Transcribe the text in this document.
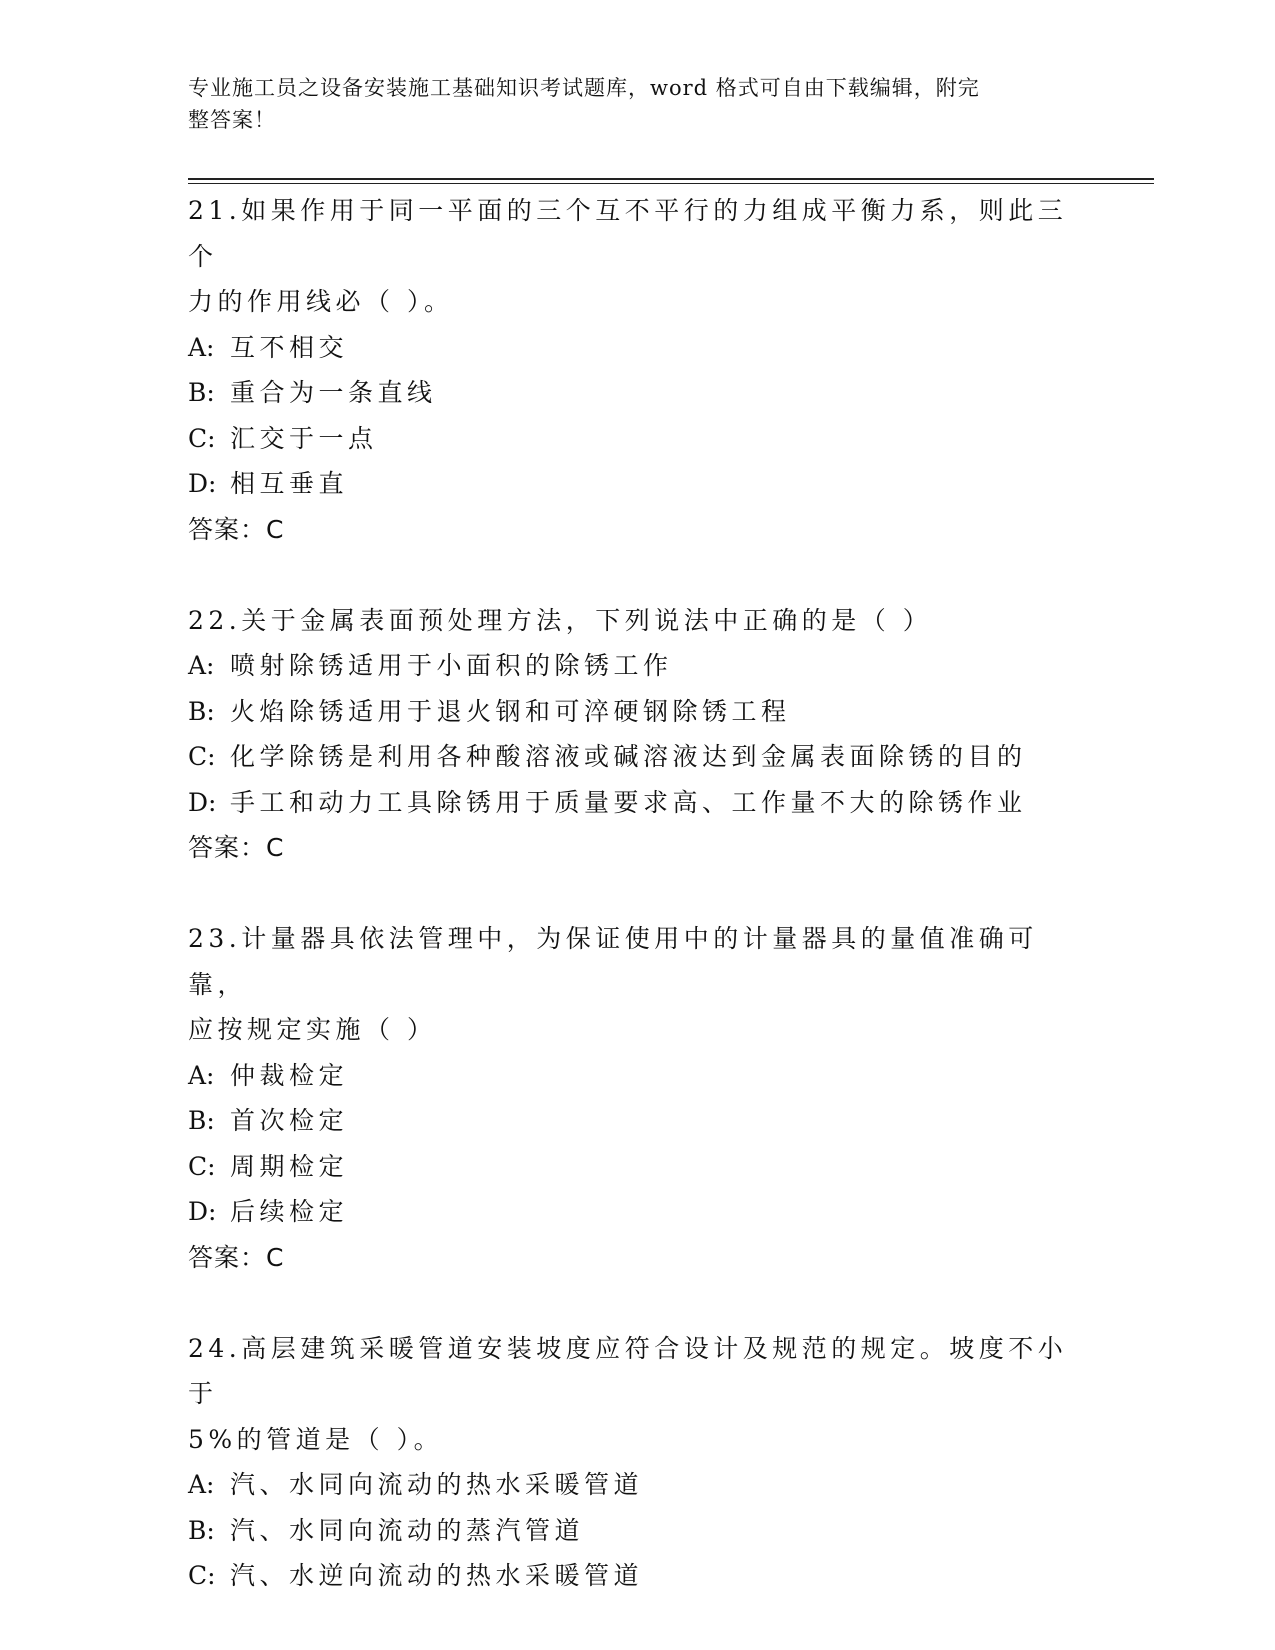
专业施工员之设备安装施工基础知识考试题库，word 格式可自由下载编辑，附完
整答案！
21.如果作用于同一平面的三个互不平行的力组成平衡力系，则此三个
力的作用线必（ ）。
A: 互不相交
B: 重合为一条直线
C: 汇交于一点
D: 相互垂直
答案：C
22.关于金属表面预处理方法，下列说法中正确的是（ ）
A: 喷射除锈适用于小面积的除锈工作
B: 火焰除锈适用于退火钢和可淬硬钢除锈工程
C: 化学除锈是利用各种酸溶液或碱溶液达到金属表面除锈的目的
D: 手工和动力工具除锈用于质量要求高、工作量不大的除锈作业
答案：C
23.计量器具依法管理中，为保证使用中的计量器具的量值准确可靠，
应按规定实施（ ）
A: 仲裁检定
B: 首次检定
C: 周期检定
D: 后续检定
答案：C
24.高层建筑采暖管道安装坡度应符合设计及规范的规定。坡度不小于
5%的管道是（ ）。
A: 汽、水同向流动的热水采暖管道
B: 汽、水同向流动的蒸汽管道
C: 汽、水逆向流动的热水采暖管道
